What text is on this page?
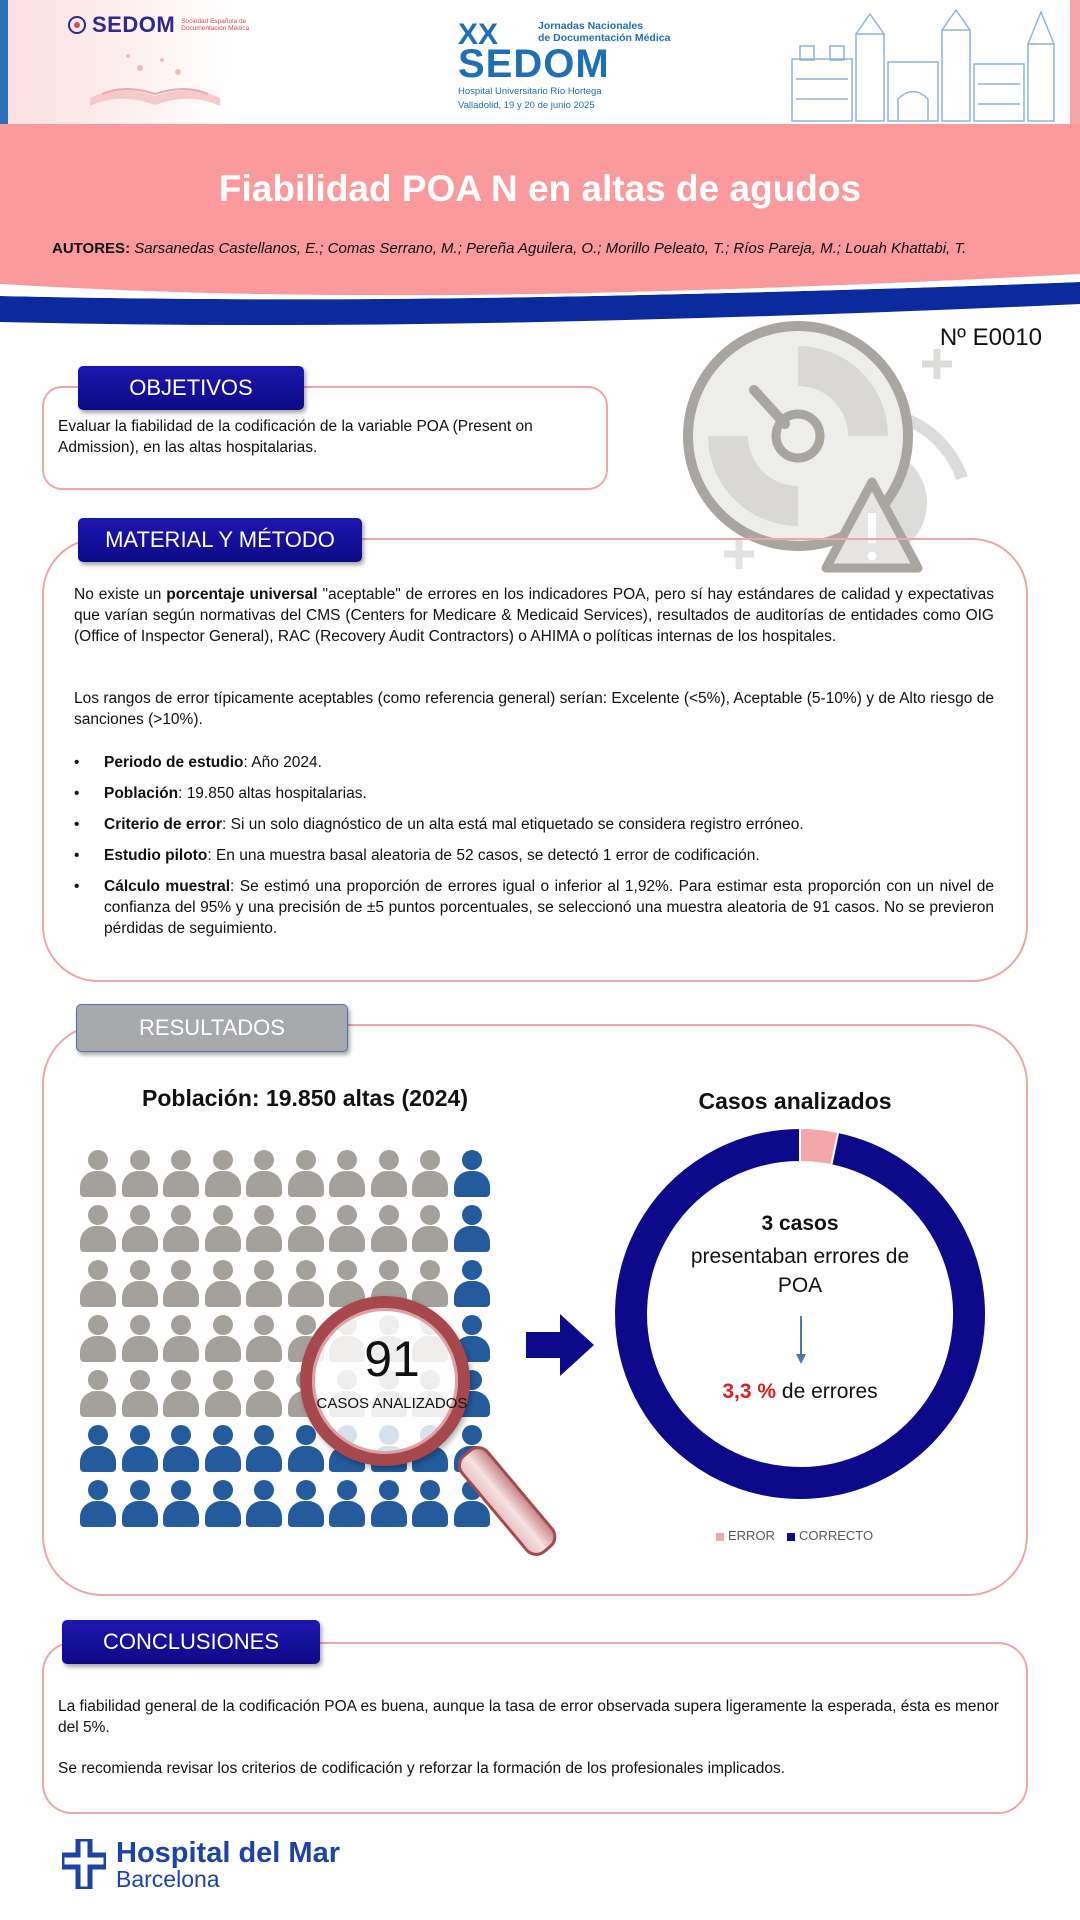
SEDOM Sociedad Española de Documentación Médica	XX	Jornadas Nacionales
de Documentación Médica
SEDOM
Hospital Universitario Río Hortega
Valladolid, 19 y 20 de junio 2025
Fiabilidad POA N en altas de agudos
AUTORES: Sarsanedas Castellanos, E.; Comas Serrano, M.; Pereña Aguilera, O.; Morillo Peleato, T.; Ríos Pareja, M.; Louah Khattabi, T.
Nº E0010
OBJETIVOS
Evaluar la fiabilidad de la codificación de la variable POA (Present on Admission), en las altas hospitalarias.
MATERIAL Y MÉTODO
No existe un porcentaje universal "aceptable" de errores en los indicadores POA, pero sí hay estándares de calidad y expectativas que varían según normativas del CMS (Centers for Medicare & Medicaid Services), resultados de auditorías de entidades como OIG (Office of Inspector General), RAC (Recovery Audit Contractors) o AHIMA o políticas internas de los hospitales.
Los rangos de error típicamente aceptables (como referencia general) serían: Excelente (<5%), Aceptable (5-10%) y de Alto riesgo de sanciones (>10%).
• Periodo de estudio: Año 2024.
• Población: 19.850 altas hospitalarias.
• Criterio de error: Si un solo diagnóstico de un alta está mal etiquetado se considera registro erróneo.
• Estudio piloto: En una muestra basal aleatoria de 52 casos, se detectó 1 error de codificación.
• Cálculo muestral: Se estimó una proporción de errores igual o inferior al 1,92%. Para estimar esta proporción con un nivel de confianza del 95% y una precisión de ±5 puntos porcentuales, se seleccionó una muestra aleatoria de 91 casos. No se previeron pérdidas de seguimiento.
RESULTADOS
Población: 19.850 altas (2024)
91
CASOS ANALIZADOS
Casos analizados
3 casos
presentaban errores de POA
3,3 % de errores
ERROR	CORRECTO
CONCLUSIONES
La fiabilidad general de la codificación POA es buena, aunque la tasa de error observada supera ligeramente la esperada, ésta es menor del 5%.
Se recomienda revisar los criterios de codificación y reforzar la formación de los profesionales implicados.
Hospital del Mar
Barcelona
